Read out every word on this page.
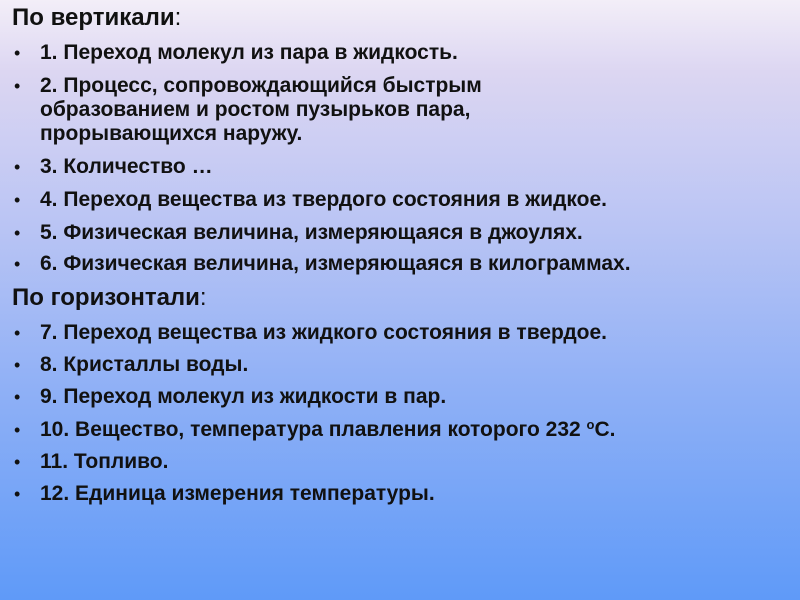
По вертикали:
• 1. Переход молекул из пара в жидкость.
• 2. Процесс, сопровождающийся быстрым
образованием и ростом пузырьков пара,
прорывающихся наружу.
• 3. Количество …
• 4. Переход вещества из твердого состояния в жидкое.
• 5. Физическая величина, измеряющаяся в джоулях.
• 6. Физическая величина, измеряющаяся в килограммах.
По горизонтали:
• 7. Переход вещества из жидкого состояния в твердое.
• 8. Кристаллы воды.
• 9. Переход молекул из жидкости в пар.
• 10. Вещество, температура плавления которого 232 $^о$С.
• 11. Топливо.
• 12. Единица измерения температуры.
